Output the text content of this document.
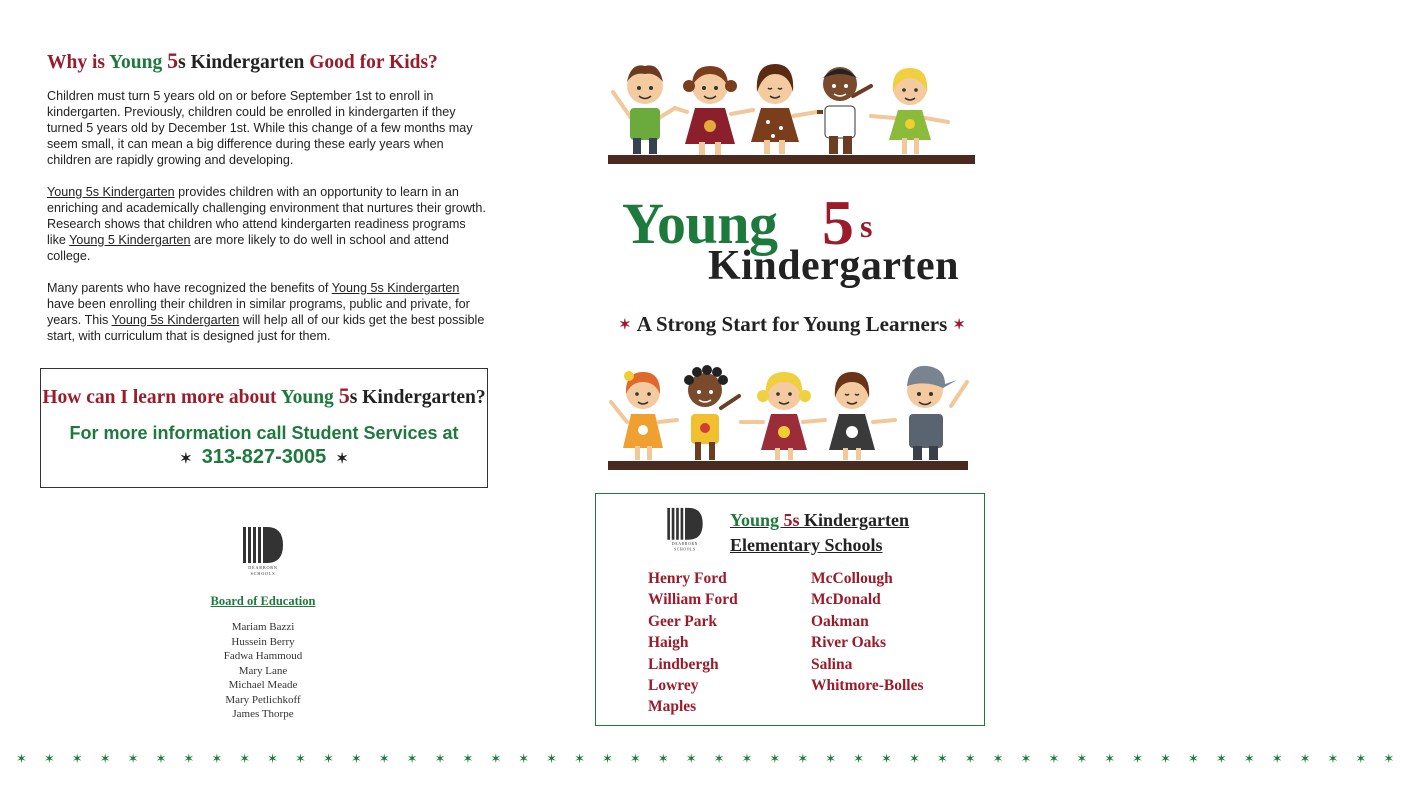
Why is Young 5s Kindergarten Good for Kids?

Children must turn 5 years old on or before September 1st to enroll in kindergarten. Previously, children could be enrolled in kindergarten if they turned 5 years old by December 1st. While this change of a few months may seem small, it can mean a big difference during these early years when children are rapidly growing and developing.

Young 5s Kindergarten provides children with an opportunity to learn in an enriching and academically challenging environment that nurtures their growth. Research shows that children who attend kindergarten readiness programs like Young 5 Kindergarten are more likely to do well in school and attend college.

Many parents who have recognized the benefits of Young 5s Kindergarten have been enrolling their children in similar programs, public and private, for years. This Young 5s Kindergarten will help all of our kids get the best possible start, with curriculum that is designed just for them.

How can I learn more about Young 5s Kindergarten?
For more information call Student Services at
✶ 313-827-3005 ✶
DEARBORN
SCHOOLS
Board of Education
Mariam Bazzi
Hussein Berry
Fadwa Hammoud
Mary Lane
Michael Meade
Mary Petlichkoff
James Thorpe
Young 5 s
Kindergarten
✶ A Strong Start for Young Learners ✶
DEARBORN
SCHOOLS
Young 5s Kindergarten
Elementary Schools
Henry Ford
William Ford
Geer Park
Haigh
Lindbergh
Lowrey
Maples
McCollough
McDonald
Oakman
River Oaks
Salina
Whitmore-Bolles
✶ ✶ ✶ ✶ ✶ ✶ ✶ ✶ ✶ ✶ ✶ ✶ ✶ ✶ ✶ ✶ ✶ ✶ ✶ ✶ ✶ ✶ ✶ ✶ ✶ ✶ ✶ ✶ ✶ ✶ ✶ ✶ ✶ ✶ ✶ ✶ ✶ ✶ ✶ ✶ ✶ ✶ ✶ ✶ ✶ ✶ ✶ ✶ ✶ ✶
